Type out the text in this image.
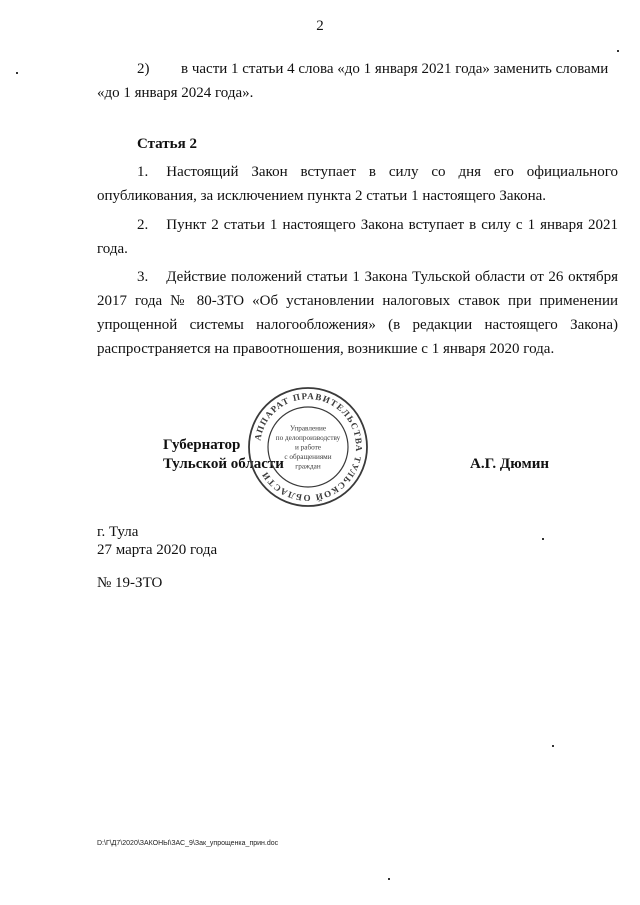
2
2)	в части 1 статьи 4 слова «до 1 января 2021 года» заменить словами
«до 1 января 2024 года».
Статья 2
1. Настоящий Закон вступает в силу со дня его официального опубликования, за исключением пункта 2 статьи 1 настоящего Закона.
2. Пункт 2 статьи 1 настоящего Закона вступает в силу с 1 января 2021 года.
3. Действие положений статьи 1 Закона Тульской области от 26 октября 2017 года № 80-ЗТО «Об установлении налоговых ставок при применении упрощенной системы налогообложения» (в редакции настоящего Закона) распространяется на правоотношения, возникшие с 1 января 2020 года.
Губернатор
Тульской области	А.Г. Дюмин
АППАРАТ ПРАВИТЕЛЬСТВА ТУЛЬСКОЙ ОБЛАСТИ
Управление
по делопроизводству
и работе
с обращениями
граждан
г. Тула
27 марта 2020 года
№ 19-ЗТО
D:\Г\Д7\2020\ЗАКОНЫ\ЗАС_9\Зак_упрощенка_прин.doc
